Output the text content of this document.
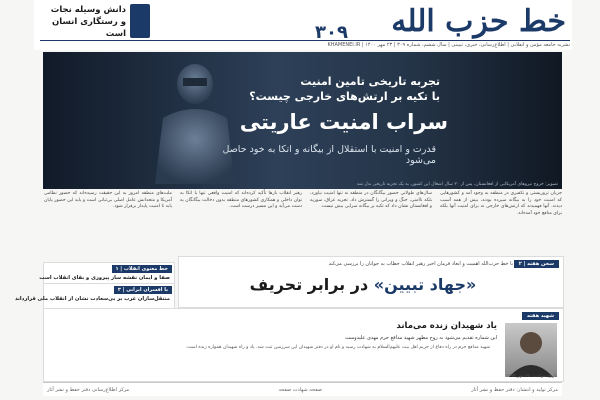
خط حزب الله
۳۰۹
دانش وسیله نجات
و رستگاری انسان است
نشریه جامعه مؤمن و انقلابی | اطلاع‌رسانی، خبری، تبیینی | سال ششم، شماره ۳۰۹ | ۲۳ مهر ۱۴۰۰ | KHAMENEI.IR
تجربه تاریخی تامین امنیت
با تکیه بر ارتش‌های خارجی چیست؟
سراب امنیت عاریتی
قدرت و امنیت با استقلال از بیگانه و اتکا به خود حاصل می‌شود
تصویر: خروج نیروهای آمریکایی از افغانستان، پس از ۲۰ سال اشغال این کشور، به یک تجربه تاریخی بدل شد

جریان تروریستی و تکفیری در منطقه به وجود آمد و کشورهایی که امنیت خود را به بیگانه سپرده بودند، بیش از همه آسیب دیدند. آنها فهمیدند که ارتش‌های خارجی نه برای امنیت آنها بلکه برای منافع خود آمده‌اند.

سال‌های طولانی حضور بیگانگان در منطقه نه تنها امنیت نیاورد، بلکه ناامنی، جنگ و ویرانی را گسترش داد. تجربه عراق، سوریه و افغانستان نشان داد که تکیه بر بیگانه سرابی بیش نیست.

رهبر انقلاب بارها تأکید کرده‌اند که امنیت واقعی تنها با اتکا به توان داخلی و همکاری کشورهای منطقه بدون دخالت بیگانگان به دست می‌آید و این مسیر درست است.

ملت‌های منطقه امروز به این حقیقت رسیده‌اند که حضور نظامی آمریکا و متحدانش عامل اصلی بی‌ثباتی است و باید این حضور پایان یابد تا امنیت پایدار برقرار شود.

خط معنوی انقلاب | ۱
صفا و ایمان نقشه ساز پیروزی و بقای انقلاب است
با افسران ایرانی | ۳
منتقل‌سازان غرب بر بی‌سعادت نشان از انقلاب ملی قرارداند
سخن هفته | ۲
با خط حزب‌الله اهمیت و ابعاد فرمان اخیر رهبر انقلاب خطاب به جوانان را بررسی می‌کند
«جهاد تبیین» در برابر تحریف
شهید هفته
یاد شهیدان زنده می‌ماند
این شماره تقدیم می‌شود به روح مطهر شهید مدافع حرم مهدی علیدوست
شهید مدافع حرم در راه دفاع از حریم اهل بیت علیهم‌السلام به شهادت رسید و نام او در دفتر شهیدان این سرزمین ثبت شد. یاد و راه شهیدان همواره زنده است.
تاریخ شهادت: ۲۸ مهر ۱۳۹۴
مرکز تولید و انتشار: دفتر حفظ و نشر آثار
صفحه شهادت صفحه
مرکز اطلاع‌رسانی دفتر حفظ و نشر آثار
